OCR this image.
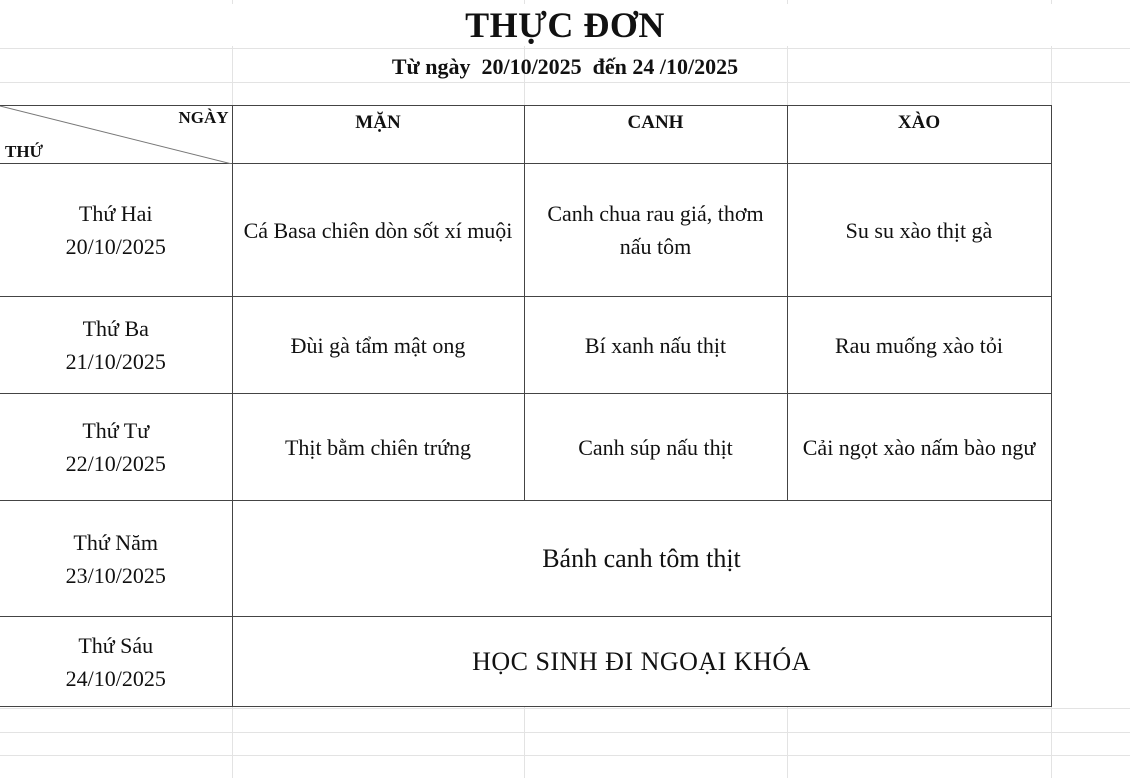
THỰC ĐƠN
Từ ngày  20/10/2025  đến 24 /10/2025
NGÀY
THỨ	MẶN	CANH	XÀO

Thứ Hai
20/10/2025	Cá Basa chiên dòn sốt xí muội	Canh chua rau giá, thơm nấu tôm	Su su xào thịt gà

Thứ Ba
21/10/2025	Đùi gà tẩm mật ong	Bí xanh nấu thịt	Rau muống xào tỏi

Thứ Tư
22/10/2025	Thịt bằm chiên trứng	Canh súp nấu thịt	Cải ngọt xào nấm bào ngư

Thứ Năm
23/10/2025	Bánh canh tôm thịt		

Thứ Sáu
24/10/2025	HỌC SINH ĐI NGOẠI KHÓA		
